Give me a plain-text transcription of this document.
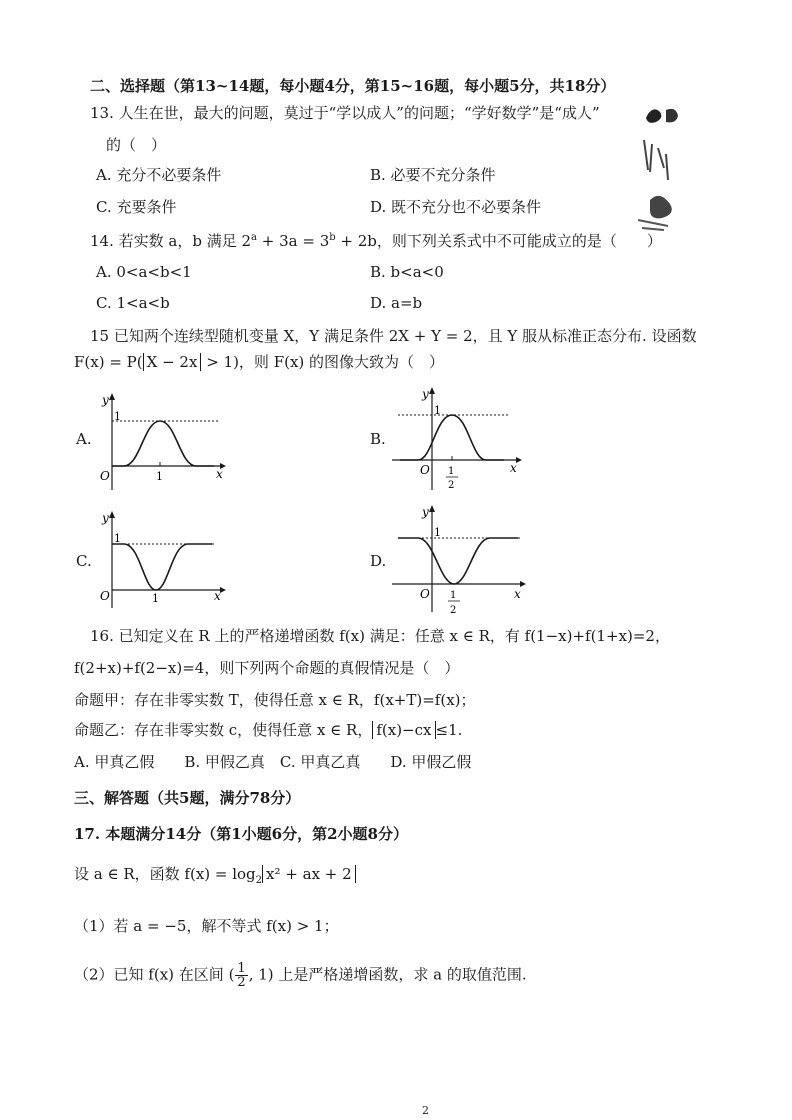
二、选择题（第13~14题，每小题4分，第15~16题，每小题5分，共18分）
13. 人生在世，最大的问题，莫过于“学以成人”的问题；“学好数学”是“成人”
的（　）
A. 充分不必要条件	B. 必要不充分条件
C. 充要条件	D. 既不充分也不必要条件
14. 若实数 a，b 满足 $2^a + 3a = 3^b + 2b$，则下列关系式中不可能成立的是（　　）
A. 0<a<b<1	B. b<a<0
C. 1<a<b	D. a=b
15 已知两个连续型随机变量 X，Y 满足条件 2X + Y = 2，且 Y 服从标准正态分布. 设函数
F(x) = P( X − 2x > 1)，则 F(x) 的图像大致为（　）
A.	B.
C.	D.
y
x
O
1
1
y
x
O
1
1
2
y
x
O
1
1
y
x
O
1
1
2
16. 已知定义在 R 上的严格递增函数 f(x) 满足：任意 x ∈ R，有 f(1−x)+f(1+x)=2，
f(2+x)+f(2−x)=4，则下列两个命题的真假情况是（　）
命题甲：存在非零实数 T，使得任意 x ∈ R，f(x+T)=f(x)；
命题乙：存在非零实数 c，使得任意 x ∈ R， f(x)−cx ≤1.
A. 甲真乙假　　B. 甲假乙真　C. 甲真乙真　　D. 甲假乙假
三、解答题（共5题，满分78分）
17. 本题满分14分（第1小题6分，第2小题8分）
设 a ∈ R，函数 $f(x) = \log_2 x^2$ + ax + 2
（1）若 a = −5，解不等式 f(x) > 1；
（2）已知 f(x) 在区间 ( $\frac{1}{2}$ , 1) 上是严格递增函数，求 a 的取值范围.
2
